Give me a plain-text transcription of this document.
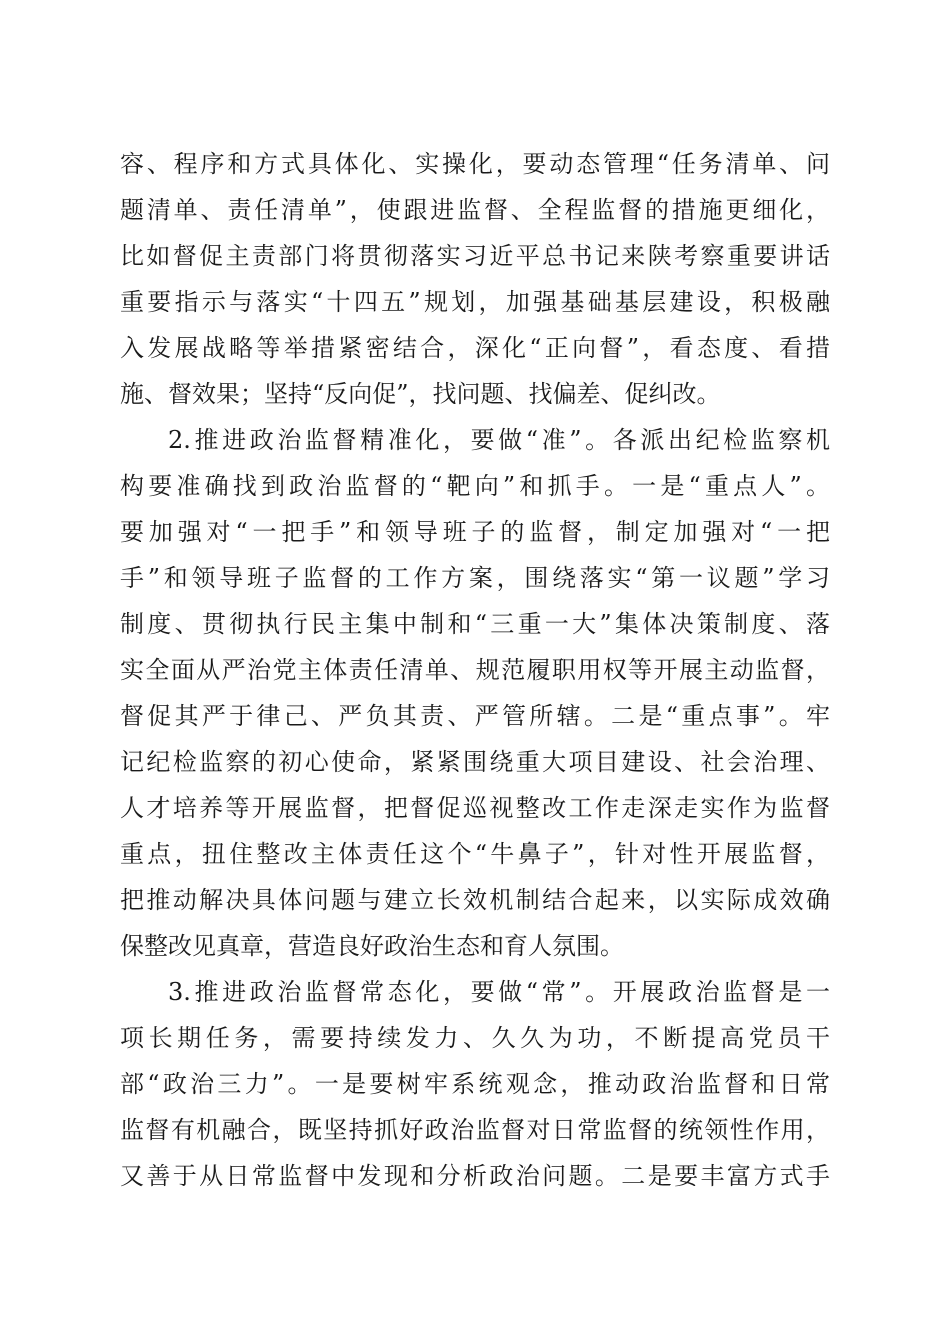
容、程序和方式具体化、实操化，要动态管理“任务清单、问
题清单、责任清单”，使跟进监督、全程监督的措施更细化，
比如督促主责部门将贯彻落实习近平总书记来陕考察重要讲话
重要指示与落实“十四五”规划，加强基础基层建设，积极融
入发展战略等举措紧密结合，深化“正向督”，看态度、看措
施、督效果；坚持“反向促”，找问题、找偏差、促纠改。
2.推进政治监督精准化，要做“准”。各派出纪检监察机
构要准确找到政治监督的“靶向”和抓手。一是“重点人”。
要加强对“一把手”和领导班子的监督，制定加强对“一把
手”和领导班子监督的工作方案，围绕落实“第一议题”学习
制度、贯彻执行民主集中制和“三重一大”集体决策制度、落
实全面从严治党主体责任清单、规范履职用权等开展主动监督，
督促其严于律己、严负其责、严管所辖。二是“重点事”。牢
记纪检监察的初心使命，紧紧围绕重大项目建设、社会治理、
人才培养等开展监督，把督促巡视整改工作走深走实作为监督
重点，扭住整改主体责任这个“牛鼻子”，针对性开展监督，
把推动解决具体问题与建立长效机制结合起来，以实际成效确
保整改见真章，营造良好政治生态和育人氛围。
3.推进政治监督常态化，要做“常”。开展政治监督是一
项长期任务，需要持续发力、久久为功，不断提高党员干
部“政治三力”。一是要树牢系统观念，推动政治监督和日常
监督有机融合，既坚持抓好政治监督对日常监督的统领性作用，
又善于从日常监督中发现和分析政治问题。二是要丰富方式手
